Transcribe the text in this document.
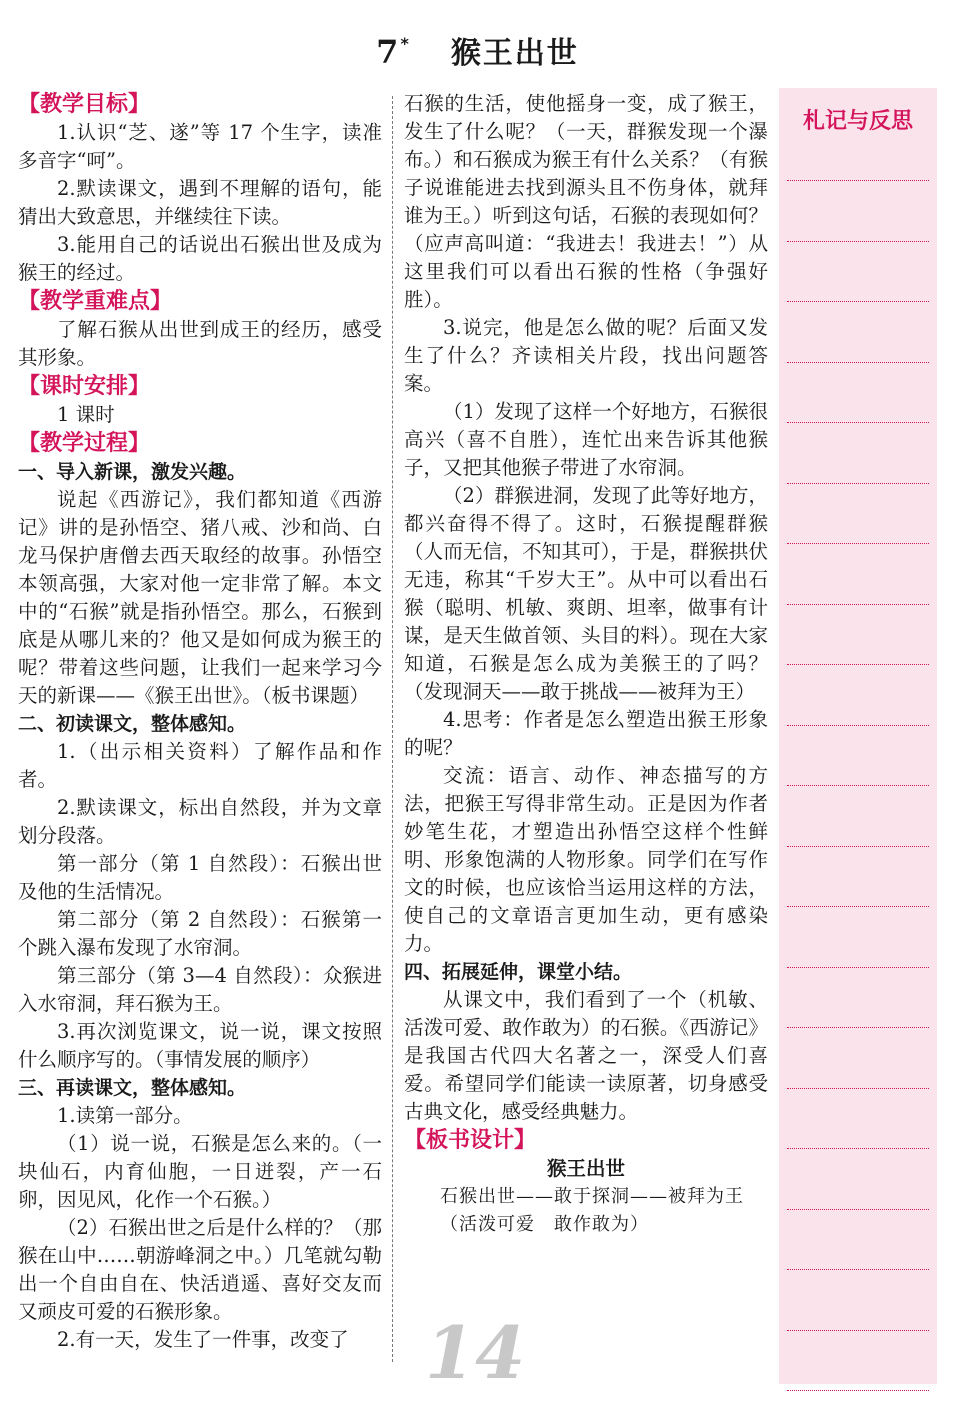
7* 猴王出世
【教学目标】

1.认识“芝、遂”等 17 个生字，读准多音字“呵”。

2.默读课文，遇到不理解的语句，能猜出大致意思，并继续往下读。

3.能用自己的话说出石猴出世及成为猴王的经过。

【教学重难点】

了解石猴从出世到成王的经历，感受其形象。

【课时安排】

1 课时

【教学过程】

一、导入新课，激发兴趣。

说起《西游记》，我们都知道《西游记》讲的是孙悟空、猪八戒、沙和尚、白龙马保护唐僧去西天取经的故事。孙悟空本领高强，大家对他一定非常了解。本文中的“石猴”就是指孙悟空。那么，石猴到底是从哪儿来的？他又是如何成为猴王的呢？带着这些问题，让我们一起来学习今天的新课——《猴王出世》。（板书课题）

二、初读课文，整体感知。

1.（出示相关资料）了解作品和作者。

2.默读课文，标出自然段，并为文章划分段落。

第一部分（第 1 自然段）：石猴出世及他的生活情况。

第二部分（第 2 自然段）：石猴第一个跳入瀑布发现了水帘洞。

第三部分（第 3—4 自然段）：众猴进入水帘洞，拜石猴为王。

3.再次浏览课文，说一说，课文按照什么顺序写的。（事情发展的顺序）

三、再读课文，整体感知。

1.读第一部分。

（1）说一说，石猴是怎么来的。（一块仙石，内育仙胞，一日迸裂，产一石卵，因见风，化作一个石猴。）

（2）石猴出世之后是什么样的？（那猴在山中……朝游峰洞之中。）几笔就勾勒出一个自由自在、快活逍遥、喜好交友而又顽皮可爱的石猴形象。

2.有一天，发生了一件事，改变了

石猴的生活，使他摇身一变，成了猴王，发生了什么呢？（一天，群猴发现一个瀑布。）和石猴成为猴王有什么关系？（有猴子说谁能进去找到源头且不伤身体，就拜谁为王。）听到这句话，石猴的表现如何？（应声高叫道：“我进去！我进去！”）从这里我们可以看出石猴的性格（争强好胜）。

3.说完，他是怎么做的呢？后面又发生了什么？齐读相关片段，找出问题答案。

（1）发现了这样一个好地方，石猴很高兴（喜不自胜），连忙出来告诉其他猴子，又把其他猴子带进了水帘洞。

（2）群猴进洞，发现了此等好地方，都兴奋得不得了。这时，石猴提醒群猴（人而无信，不知其可），于是，群猴拱伏无违，称其“千岁大王”。从中可以看出石猴（聪明、机敏、爽朗、坦率，做事有计谋，是天生做首领、头目的料）。现在大家知道，石猴是怎么成为美猴王的了吗？（发现洞天——敢于挑战——被拜为王）

4.思考：作者是怎么塑造出猴王形象的呢？

交流：语言、动作、神态描写的方法，把猴王写得非常生动。正是因为作者妙笔生花，才塑造出孙悟空这样个性鲜明、形象饱满的人物形象。同学们在写作文的时候，也应该恰当运用这样的方法，使自己的文章语言更加生动，更有感染力。

四、拓展延伸，课堂小结。

从课文中，我们看到了一个（机敏、活泼可爱、敢作敢为）的石猴。《西游记》是我国古代四大名著之一，深受人们喜爱。希望同学们能读一读原著，切身感受古典文化，感受经典魅力。

【板书设计】

猴王出世

石猴出世——敢于探洞——被拜为王

（活泼可爱　敢作敢为）

札记与反思
14
